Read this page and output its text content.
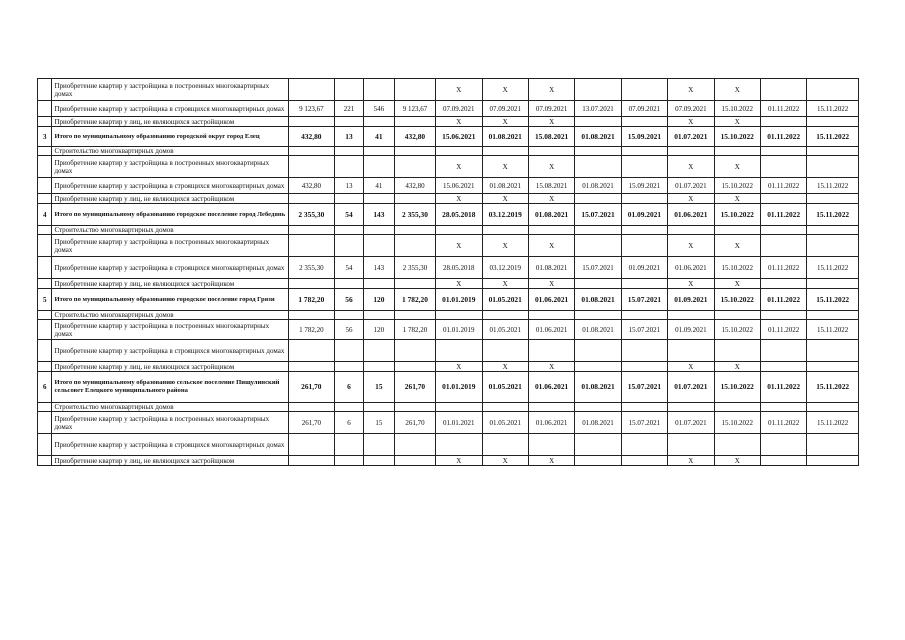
	Приобретение квартир у застройщика в построенных многоквартирных домах					Х	Х	Х			Х	Х		
	Приобретение квартир у застройщика в строящихся многоквартирных домах	9 123,67	221	546	9 123,67	07.09.2021	07.09.2021	07.09.2021	13.07.2021	07.09.2021	07.09.2021	15.10.2022	01.11.2022	15.11.2022
	Приобретение квартир у лиц, не являющихся застройщиком					Х	Х	Х			Х	Х		
3	Итого по муниципальному образованию городской округ город Елец	432,80	13	41	432,80	15.06.2021	01.08.2021	15.08.2021	01.08.2021	15.09.2021	01.07.2021	15.10.2022	01.11.2022	15.11.2022
	Строительство многоквартирных домов													
	Приобретение квартир у застройщика в построенных многоквартирных домах					Х	Х	Х			Х	Х		
	Приобретение квартир у застройщика в строящихся многоквартирных домах	432,80	13	41	432,80	15.06.2021	01.08.2021	15.08.2021	01.08.2021	15.09.2021	01.07.2021	15.10.2022	01.11.2022	15.11.2022
	Приобретение квартир у лиц, не являющихся застройщиком					Х	Х	Х			Х	Х		
4	Итого по муниципальному образованию городское поселение город Лебедянь	2 355,30	54	143	2 355,30	28.05.2018	03.12.2019	01.08.2021	15.07.2021	01.09.2021	01.06.2021	15.10.2022	01.11.2022	15.11.2022
	Строительство многоквартирных домов													
	Приобретение квартир у застройщика в построенных многоквартирных домах					Х	Х	Х			Х	Х		
	Приобретение квартир у застройщика в строящихся многоквартирных домах	2 355,30	54	143	2 355,30	28.05.2018	03.12.2019	01.08.2021	15.07.2021	01.09.2021	01.06.2021	15.10.2022	01.11.2022	15.11.2022
	Приобретение квартир у лиц, не являющихся застройщиком					Х	Х	Х			Х	Х		
5	Итого по муниципальному образованию городское поселение город Грязи	1 782,20	56	120	1 782,20	01.01.2019	01.05.2021	01.06.2021	01.08.2021	15.07.2021	01.09.2021	15.10.2022	01.11.2022	15.11.2022
	Строительство многоквартирных домов													
	Приобретение квартир у застройщика в построенных многоквартирных домах	1 782,20	56	120	1 782,20	01.01.2019	01.05.2021	01.06.2021	01.08.2021	15.07.2021	01.09.2021	15.10.2022	01.11.2022	15.11.2022
	Приобретение квартир у застройщика в строящихся многоквартирных домах													
	Приобретение квартир у лиц, не являющихся застройщиком					Х	Х	Х			Х	Х		
6	Итого по муниципальному образованию сельское поселение Пищулинский сельсовет Елецкого муниципального района	261,70	6	15	261,70	01.01.2019	01.05.2021	01.06.2021	01.08.2021	15.07.2021	01.07.2021	15.10.2022	01.11.2022	15.11.2022
	Строительство многоквартирных домов													
	Приобретение квартир у застройщика в построенных многоквартирных домах	261,70	6	15	261,70	01.01.2021	01.05.2021	01.06.2021	01.08.2021	15.07.2021	01.07.2021	15.10.2022	01.11.2022	15.11.2022
	Приобретение квартир у застройщика в строящихся многоквартирных домах													
	Приобретение квартир у лиц, не являющихся застройщиком					Х	Х	Х			Х	Х		
